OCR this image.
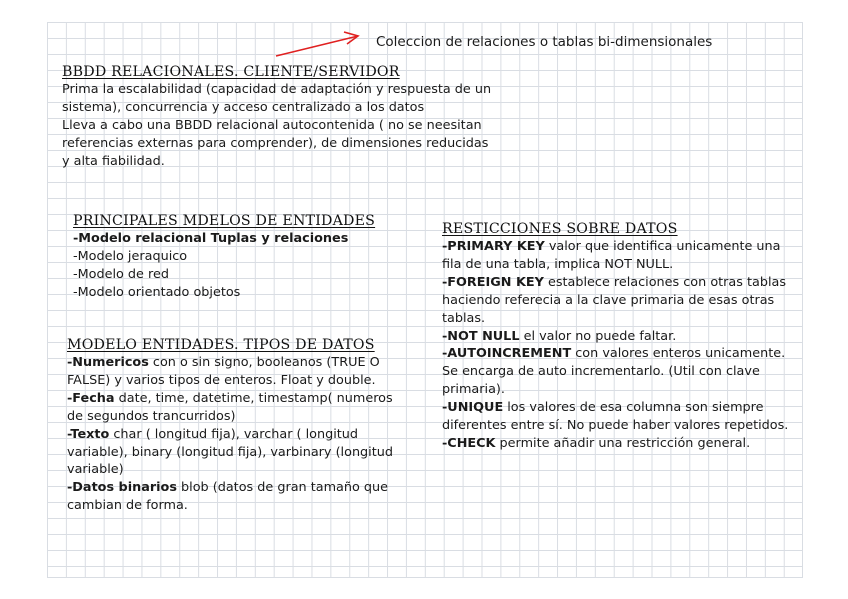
Coleccion de relaciones o tablas bi-dimensionales
BBDD RELACIONALES. CLIENTE/SERVIDOR
Prima la escalabilidad (capacidad de adaptación y respuesta de un
sistema), concurrencia y acceso centralizado a los datos
Lleva a cabo una BBDD relacional autocontenida ( no se neesitan
referencias externas para comprender), de dimensiones reducidas
y alta fiabilidad.
PRINCIPALES MDELOS DE ENTIDADES
-Modelo relacional Tuplas y relaciones
-Modelo jeraquico
-Modelo de red
-Modelo orientado objetos
MODELO ENTIDADES. TIPOS DE DATOS
-Numericos con o sin signo, booleanos (TRUE O
FALSE) y varios tipos de enteros. Float y double.
-Fecha date, time, datetime, timestamp( numeros
de segundos trancurridos)
-Texto char ( longitud fija), varchar ( longitud
variable), binary (longitud fija), varbinary (longitud
variable)
-Datos binarios blob (datos de gran tamaño que
cambian de forma.
RESTICCIONES SOBRE DATOS
-PRIMARY KEY valor que identifica unicamente una
fila de una tabla, implica NOT NULL.
-FOREIGN KEY establece relaciones con otras tablas
haciendo referecia a la clave primaria de esas otras
tablas.
-NOT NULL el valor no puede faltar.
-AUTOINCREMENT con valores enteros unicamente.
Se encarga de auto incrementarlo. (Util con clave
primaria).
-UNIQUE los valores de esa columna son siempre
diferentes entre sí. No puede haber valores repetidos.
-CHECK permite añadir una restricción general.
